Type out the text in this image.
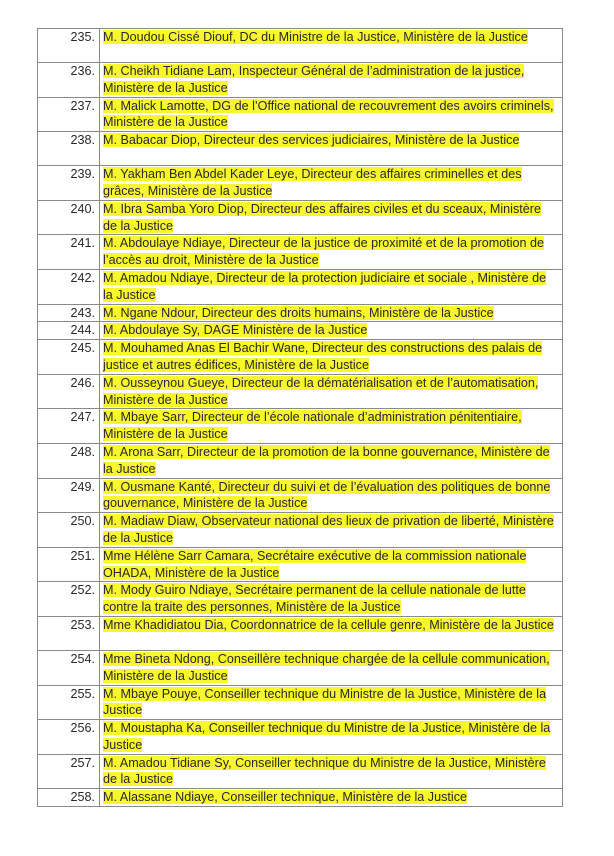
235.	M. Doudou Cissé Diouf, DC du Ministre de la Justice, Ministère de la Justice
236.	M. Cheikh Tidiane Lam, Inspecteur Général de l’administration de la justice, Ministère de la Justice
237.	M. Malick Lamotte, DG de l’Office national de recouvrement des avoirs criminels, Ministère de la Justice
238.	M. Babacar Diop, Directeur des services judiciaires, Ministère de la Justice
239.	M. Yakham Ben Abdel Kader Leye, Directeur des affaires criminelles et des grâces, Ministère de la Justice
240.	M. Ibra Samba Yoro Diop, Directeur des affaires civiles et du sceaux, Ministère de la Justice
241.	M. Abdoulaye Ndiaye, Directeur de la justice de proximité et de la promotion de l’accès au droit, Ministère de la Justice
242.	M. Amadou Ndiaye, Directeur de la protection judiciaire et sociale , Ministère de la Justice
243.	M. Ngane Ndour, Directeur des droits humains, Ministère de la Justice
244.	M. Abdoulaye Sy, DAGE Ministère de la Justice
245.	M. Mouhamed Anas El Bachir Wane, Directeur des constructions des palais de justice et autres édifices, Ministère de la Justice
246.	M. Ousseynou Gueye, Directeur de la dématérialisation et de l’automatisation, Ministère de la Justice
247.	M. Mbaye Sarr, Directeur de l’école nationale d’administration pénitentiaire, Ministère de la Justice
248.	M. Arona Sarr, Directeur de la promotion de la bonne gouvernance, Ministère de la Justice
249.	M. Ousmane Kanté, Directeur du suivi et de l’évaluation des politiques de bonne gouvernance, Ministère de la Justice
250.	M. Madiaw Diaw, Observateur national des lieux de privation de liberté, Ministère de la Justice
251.	Mme Hélène Sarr Camara, Secrétaire exécutive de la commission nationale OHADA, Ministère de la Justice
252.	M. Mody Guiro Ndiaye, Secrétaire permanent de la cellule nationale de lutte contre la traite des personnes, Ministère de la Justice
253.	Mme Khadidiatou Dia, Coordonnatrice de la cellule genre, Ministère de la Justice
254.	Mme Bineta Ndong, Conseillère technique chargée de la cellule communication, Ministère de la Justice
255.	M. Mbaye Pouye, Conseiller technique du Ministre de la Justice, Ministère de la Justice
256.	M. Moustapha Ka, Conseiller technique du Ministre de la Justice, Ministère de la Justice
257.	M. Amadou Tidiane Sy, Conseiller technique du Ministre de la Justice, Ministère de la Justice
258.	M. Alassane Ndiaye, Conseiller technique, Ministère de la Justice
